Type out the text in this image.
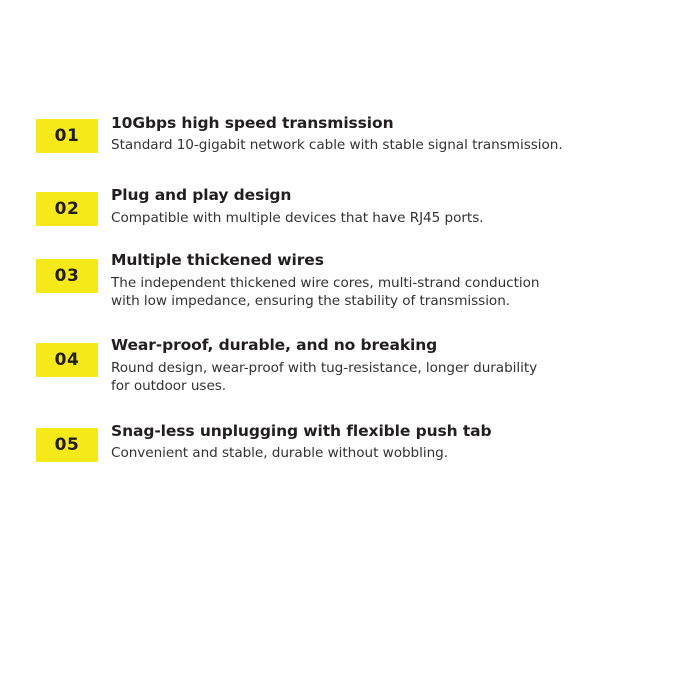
01

10Gbps high speed transmission

Standard 10-gigabit network cable with stable signal transmission.

02

Plug and play design

Compatible with multiple devices that have RJ45 ports.

03

Multiple thickened wires

The independent thickened wire cores, multi-strand conduction
with low impedance, ensuring the stability of transmission.

04

Wear-proof, durable, and no breaking

Round design, wear-proof with tug-resistance, longer durability
for outdoor uses.

05

Snag-less unplugging with flexible push tab

Convenient and stable, durable without wobbling.
